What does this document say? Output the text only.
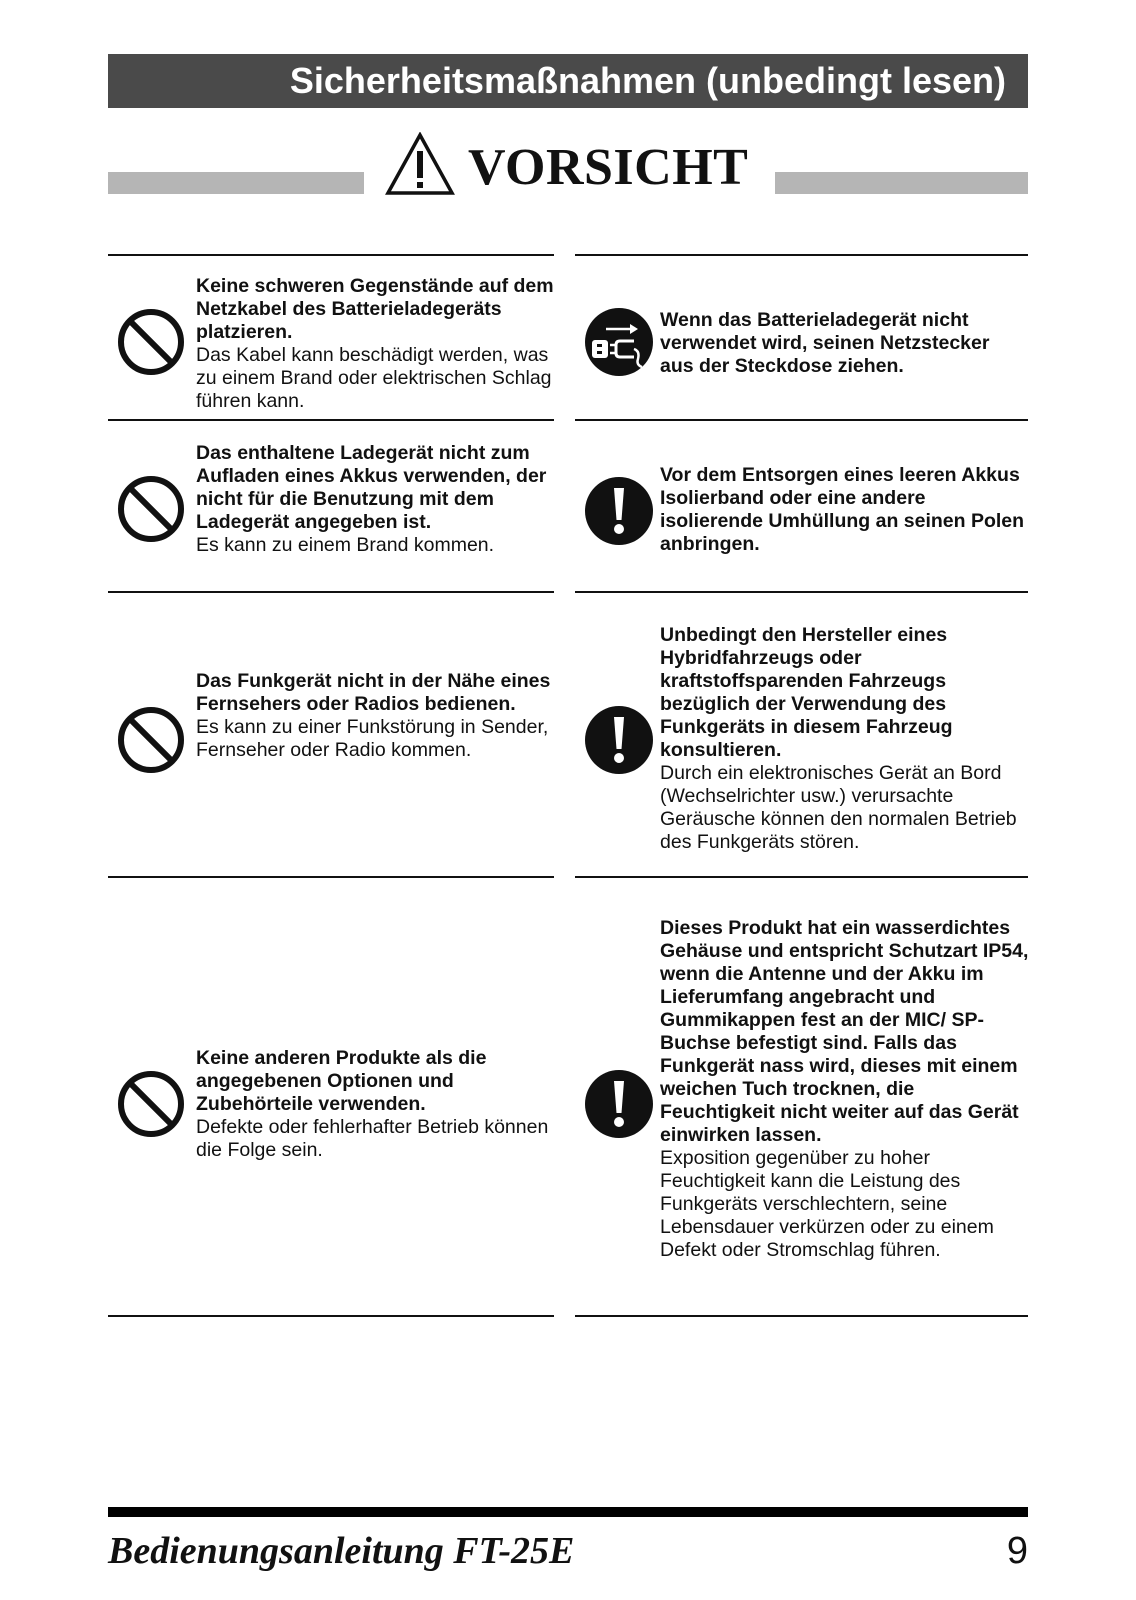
Sicherheitsmaßnahmen (unbedingt lesen)
VORSICHT
Keine schweren Gegenstände auf dem Netzkabel des Batterieladegeräts platzieren.
Das Kabel kann beschädigt werden, was zu einem Brand oder elektrischen Schlag führen kann.
Das enthaltene Ladegerät nicht zum Aufladen eines Akkus verwenden, der nicht für die Benutzung mit dem Ladegerät angegeben ist.
Es kann zu einem Brand kommen.
Das Funkgerät nicht in der Nähe eines Fernsehers oder Radios bedienen.
Es kann zu einer Funkstörung in Sender, Fernseher oder Radio kommen.
Keine anderen Produkte als die angegebenen Optionen und Zubehörteile verwenden.
Defekte oder fehlerhafter Betrieb können die Folge sein.
Wenn das Batterieladegerät nicht verwendet wird, seinen Netzstecker aus der Steckdose ziehen.
Vor dem Entsorgen eines leeren Akkus Isolierband oder eine andere isolierende Umhüllung an seinen Polen anbringen.
Unbedingt den Hersteller eines Hybridfahrzeugs oder kraftstoffsparenden Fahrzeugs bezüglich der Verwendung des Funkgeräts in diesem Fahrzeug konsultieren.
Durch ein elektronisches Gerät an Bord (Wechselrichter usw.) verursachte Geräusche können den normalen Betrieb des Funkgeräts stören.
Dieses Produkt hat ein wasserdichtes Gehäuse und entspricht Schutzart IP54, wenn die Antenne und der Akku im Lieferumfang angebracht und Gummikappen fest an der MIC/ SP-Buchse befestigt sind. Falls das Funkgerät nass wird, dieses mit einem weichen Tuch trocknen, die Feuchtigkeit nicht weiter auf das Gerät einwirken lassen.
Exposition gegenüber zu hoher Feuchtigkeit kann die Leistung des Funkgeräts verschlechtern, seine Lebensdauer verkürzen oder zu einem Defekt oder Stromschlag führen.
Bedienungsanleitung FT-25E	9
